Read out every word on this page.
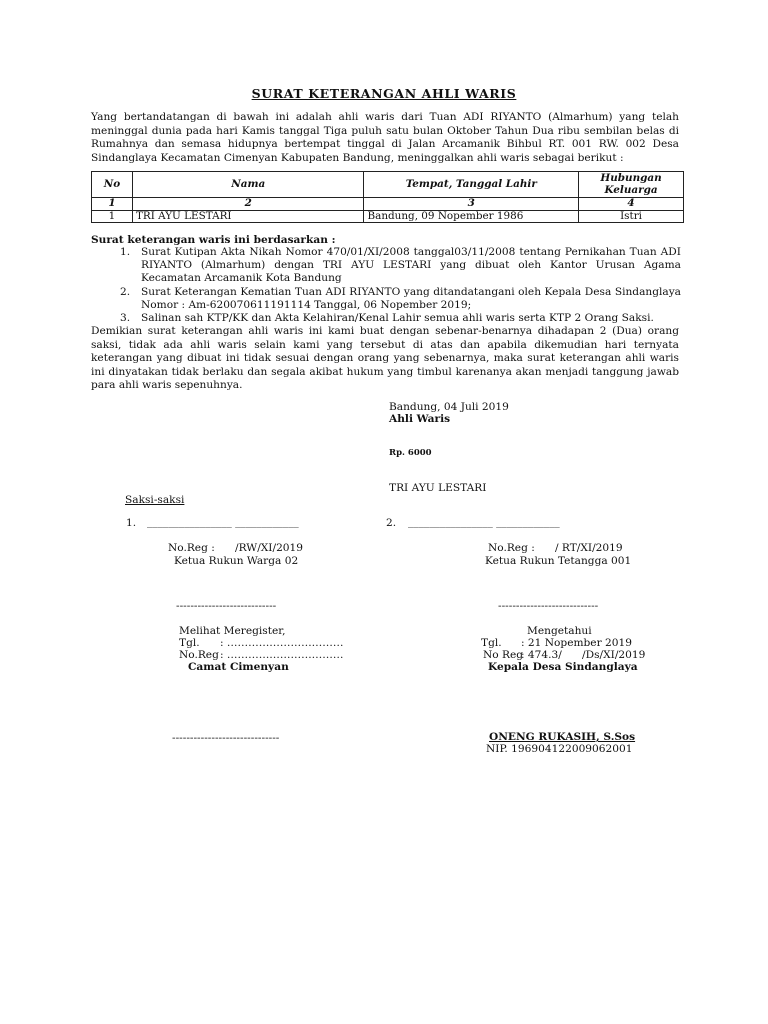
SURAT KETERANGAN AHLI WARIS
Yang bertandatangan di bawah ini adalah ahli waris dari Tuan ADI RIYANTO (Almarhum) yang telah meninggal dunia pada hari Kamis tanggal Tiga puluh satu bulan Oktober Tahun Dua ribu sembilan belas di Rumahnya dan semasa hidupnya bertempat tinggal di Jalan Arcamanik Bihbul RT. 001 RW. 002 Desa Sindanglaya Kecamatan Cimenyan Kabupaten Bandung, meninggalkan ahli waris sebagai berikut :
No	Nama	Tempat, Tanggal Lahir	Hubungan Keluarga
1	2	3	4
1	TRI AYU LESTARI	Bandung, 09 Nopember 1986	Istri
Surat keterangan waris ini berdasarkan :
1. Surat Kutipan Akta Nikah Nomor 470/01/XI/2008 tanggal03/11/2008 tentang Pernikahan Tuan ADI RIYANTO (Almarhum) dengan TRI AYU LESTARI yang dibuat oleh Kantor Urusan Agama Kecamatan Arcamanik Kota Bandung
2. Surat Keterangan Kematian Tuan ADI RIYANTO yang ditandatangani oleh Kepala Desa Sindanglaya Nomor : Am-620070611191114 Tanggal, 06 Nopember 2019;
3. Salinan sah KTP/KK dan Akta Kelahiran/Kenal Lahir semua ahli waris serta KTP 2 Orang Saksi.
Demikian surat keterangan ahli waris ini kami buat dengan sebenar-benarnya dihadapan 2 (Dua) orang saksi, tidak ada ahli waris selain kami yang tersebut di atas dan apabila dikemudian hari ternyata keterangan yang dibuat ini tidak sesuai dengan orang yang sebenarnya, maka surat keterangan ahli waris ini dinyatakan tidak berlaku dan segala akibat hukum yang timbul karenanya akan menjadi tanggung jawab para ahli waris sepenuhnya.
Bandung, 04 Juli 2019
Ahli Waris
Rp. 6000
TRI AYU LESTARI
Saksi-saksi
1. ________________ ____________	2. ________________ ____________
No.Reg :      /RW/XI/2019
Ketua Rukun Warga 02
No.Reg :      / RT/XI/2019
Ketua Rukun Tetangga 001
----------------------------	----------------------------
Melihat Meregister,
Tgl. : ……………………………
No.Reg : ……………………………
Camat Cimenyan
Mengetahui
Tgl. : 21 Nopember 2019
No Reg
: 474.3/      /Ds/XI/2019
Kepala Desa Sindanglaya
------------------------------	ONENG RUKASIH, S.Sos
NIP. 196904122009062001
